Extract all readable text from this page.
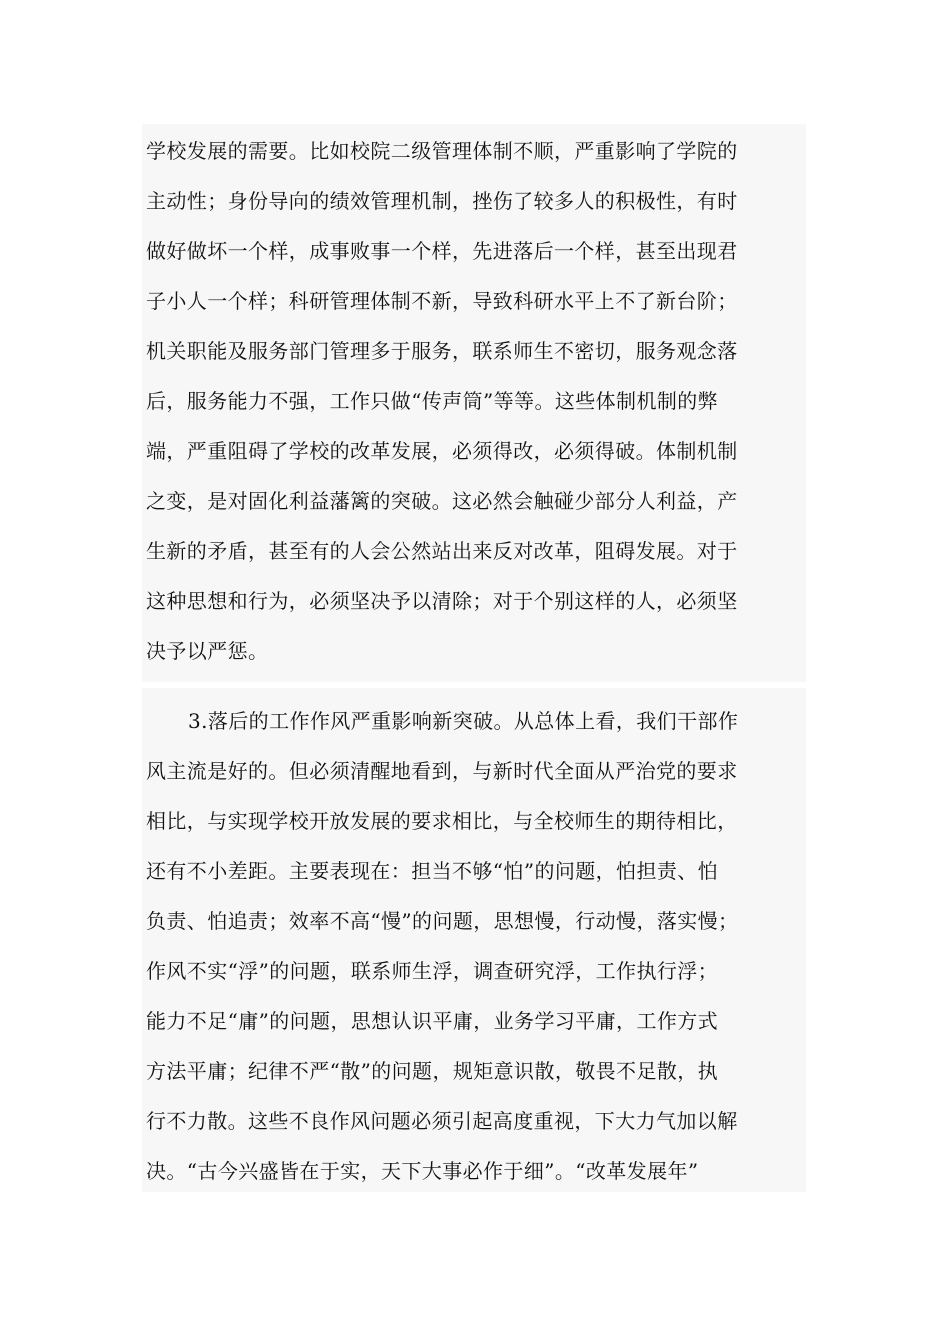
学校发展的需要。比如校院二级管理体制不顺，严重影响了学院的
主动性；身份导向的绩效管理机制，挫伤了较多人的积极性，有时
做好做坏一个样，成事败事一个样，先进落后一个样，甚至出现君
子小人一个样；科研管理体制不新，导致科研水平上不了新台阶；
机关职能及服务部门管理多于服务，联系师生不密切，服务观念落
后，服务能力不强，工作只做“传声筒”等等。这些体制机制的弊
端，严重阻碍了学校的改革发展，必须得改，必须得破。体制机制
之变，是对固化利益藩篱的突破。这必然会触碰少部分人利益，产
生新的矛盾，甚至有的人会公然站出来反对改革，阻碍发展。对于
这种思想和行为，必须坚决予以清除；对于个别这样的人，必须坚
决予以严惩。
3.落后的工作作风严重影响新突破。从总体上看，我们干部作
风主流是好的。但必须清醒地看到，与新时代全面从严治党的要求
相比，与实现学校开放发展的要求相比，与全校师生的期待相比，
还有不小差距。主要表现在：担当不够“怕”的问题，怕担责、怕
负责、怕追责；效率不高“慢”的问题，思想慢，行动慢，落实慢；
作风不实“浮”的问题，联系师生浮，调查研究浮，工作执行浮；
能力不足“庸”的问题，思想认识平庸，业务学习平庸，工作方式
方法平庸；纪律不严“散”的问题，规矩意识散，敬畏不足散，执
行不力散。这些不良作风问题必须引起高度重视，下大力气加以解
决。“古今兴盛皆在于实，天下大事必作于细”。“改革发展年”
